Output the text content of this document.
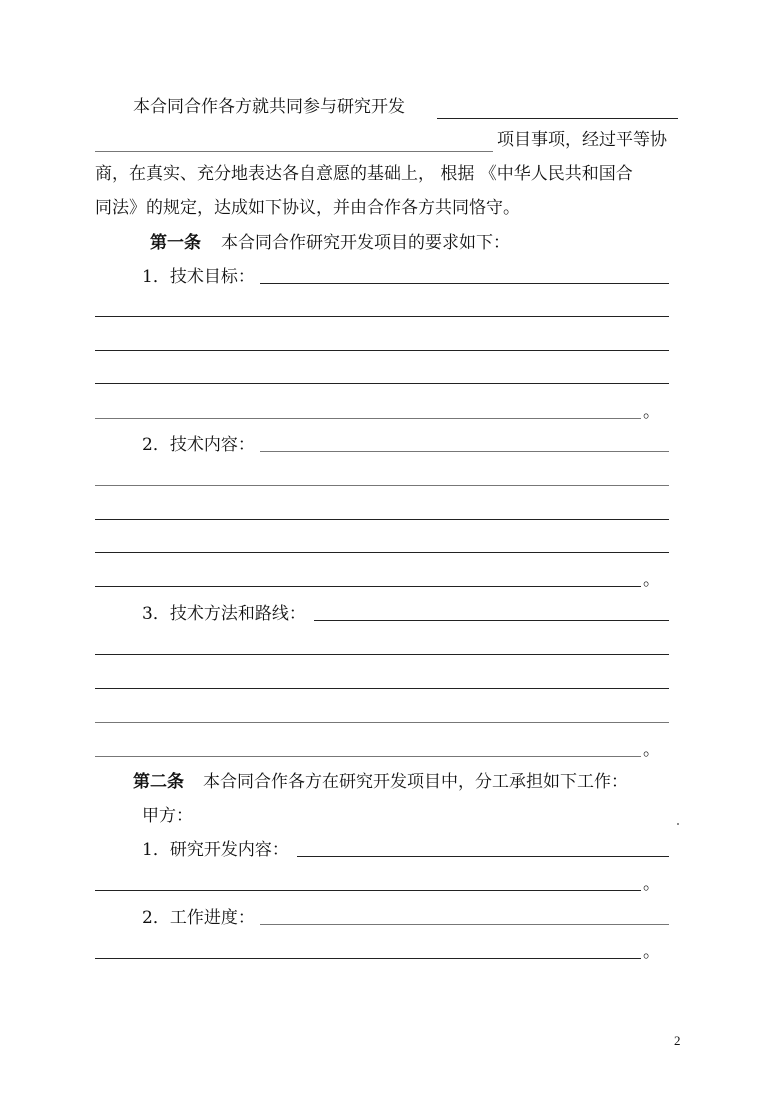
本合同合作各方就共同参与研究开发
项目事项，经过平等协
商，在真实、充分地表达各自意愿的基础上， 根据 《中华人民共和国合
同法》的规定，达成如下协议，并由合作各方共同恪守。
第一条 本合同合作研究开发项目的要求如下：
1．技术目标：
。
2．技术内容：
。
3．技术方法和路线：
。
第二条 本合同合作各方在研究开发项目中，分工承担如下工作：
甲方：
1．研究开发内容：
。
2．工作进度：
。
2
